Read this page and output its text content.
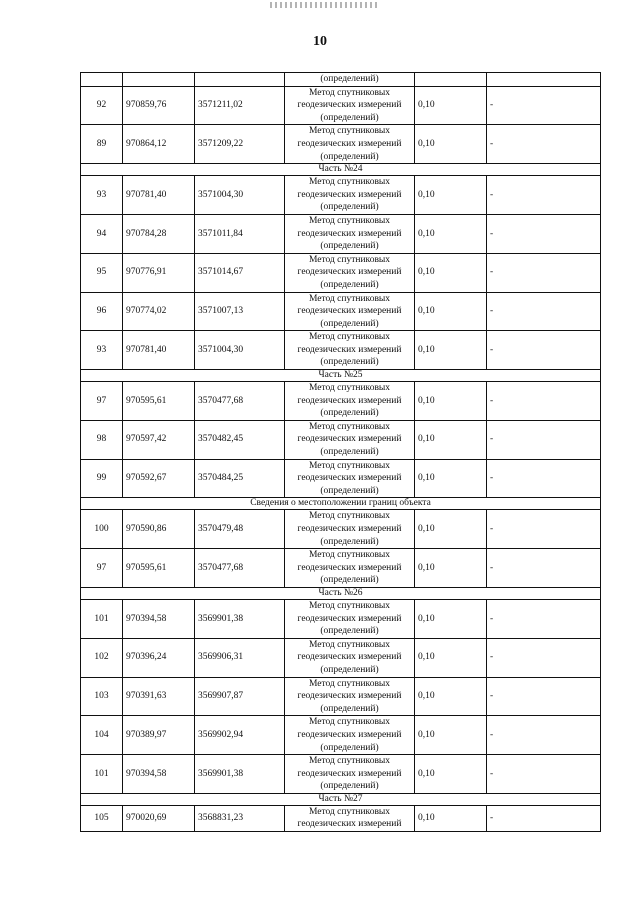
10
			(определений)		
92	970859,76	3571211,02	Метод спутниковых
геодезических измерений
(определений)	0,10	-
89	970864,12	3571209,22	Метод спутниковых
геодезических измерений
(определений)	0,10	-
Часть №24					
93	970781,40	3571004,30	Метод спутниковых
геодезических измерений
(определений)	0,10	-
94	970784,28	3571011,84	Метод спутниковых
геодезических измерений
(определений)	0,10	-
95	970776,91	3571014,67	Метод спутниковых
геодезических измерений
(определений)	0,10	-
96	970774,02	3571007,13	Метод спутниковых
геодезических измерений
(определений)	0,10	-
93	970781,40	3571004,30	Метод спутниковых
геодезических измерений
(определений)	0,10	-
Часть №25					
97	970595,61	3570477,68	Метод спутниковых
геодезических измерений
(определений)	0,10	-
98	970597,42	3570482,45	Метод спутниковых
геодезических измерений
(определений)	0,10	-
99	970592,67	3570484,25	Метод спутниковых
геодезических измерений
(определений)	0,10	-
Сведения о местоположении границ объекта					
100	970590,86	3570479,48	Метод спутниковых
геодезических измерений
(определений)	0,10	-
97	970595,61	3570477,68	Метод спутниковых
геодезических измерений
(определений)	0,10	-
Часть №26					
101	970394,58	3569901,38	Метод спутниковых
геодезических измерений
(определений)	0,10	-
102	970396,24	3569906,31	Метод спутниковых
геодезических измерений
(определений)	0,10	-
103	970391,63	3569907,87	Метод спутниковых
геодезических измерений
(определений)	0,10	-
104	970389,97	3569902,94	Метод спутниковых
геодезических измерений
(определений)	0,10	-
101	970394,58	3569901,38	Метод спутниковых
геодезических измерений
(определений)	0,10	-
Часть №27					
105	970020,69	3568831,23	Метод спутниковых
геодезических измерений	0,10	-
